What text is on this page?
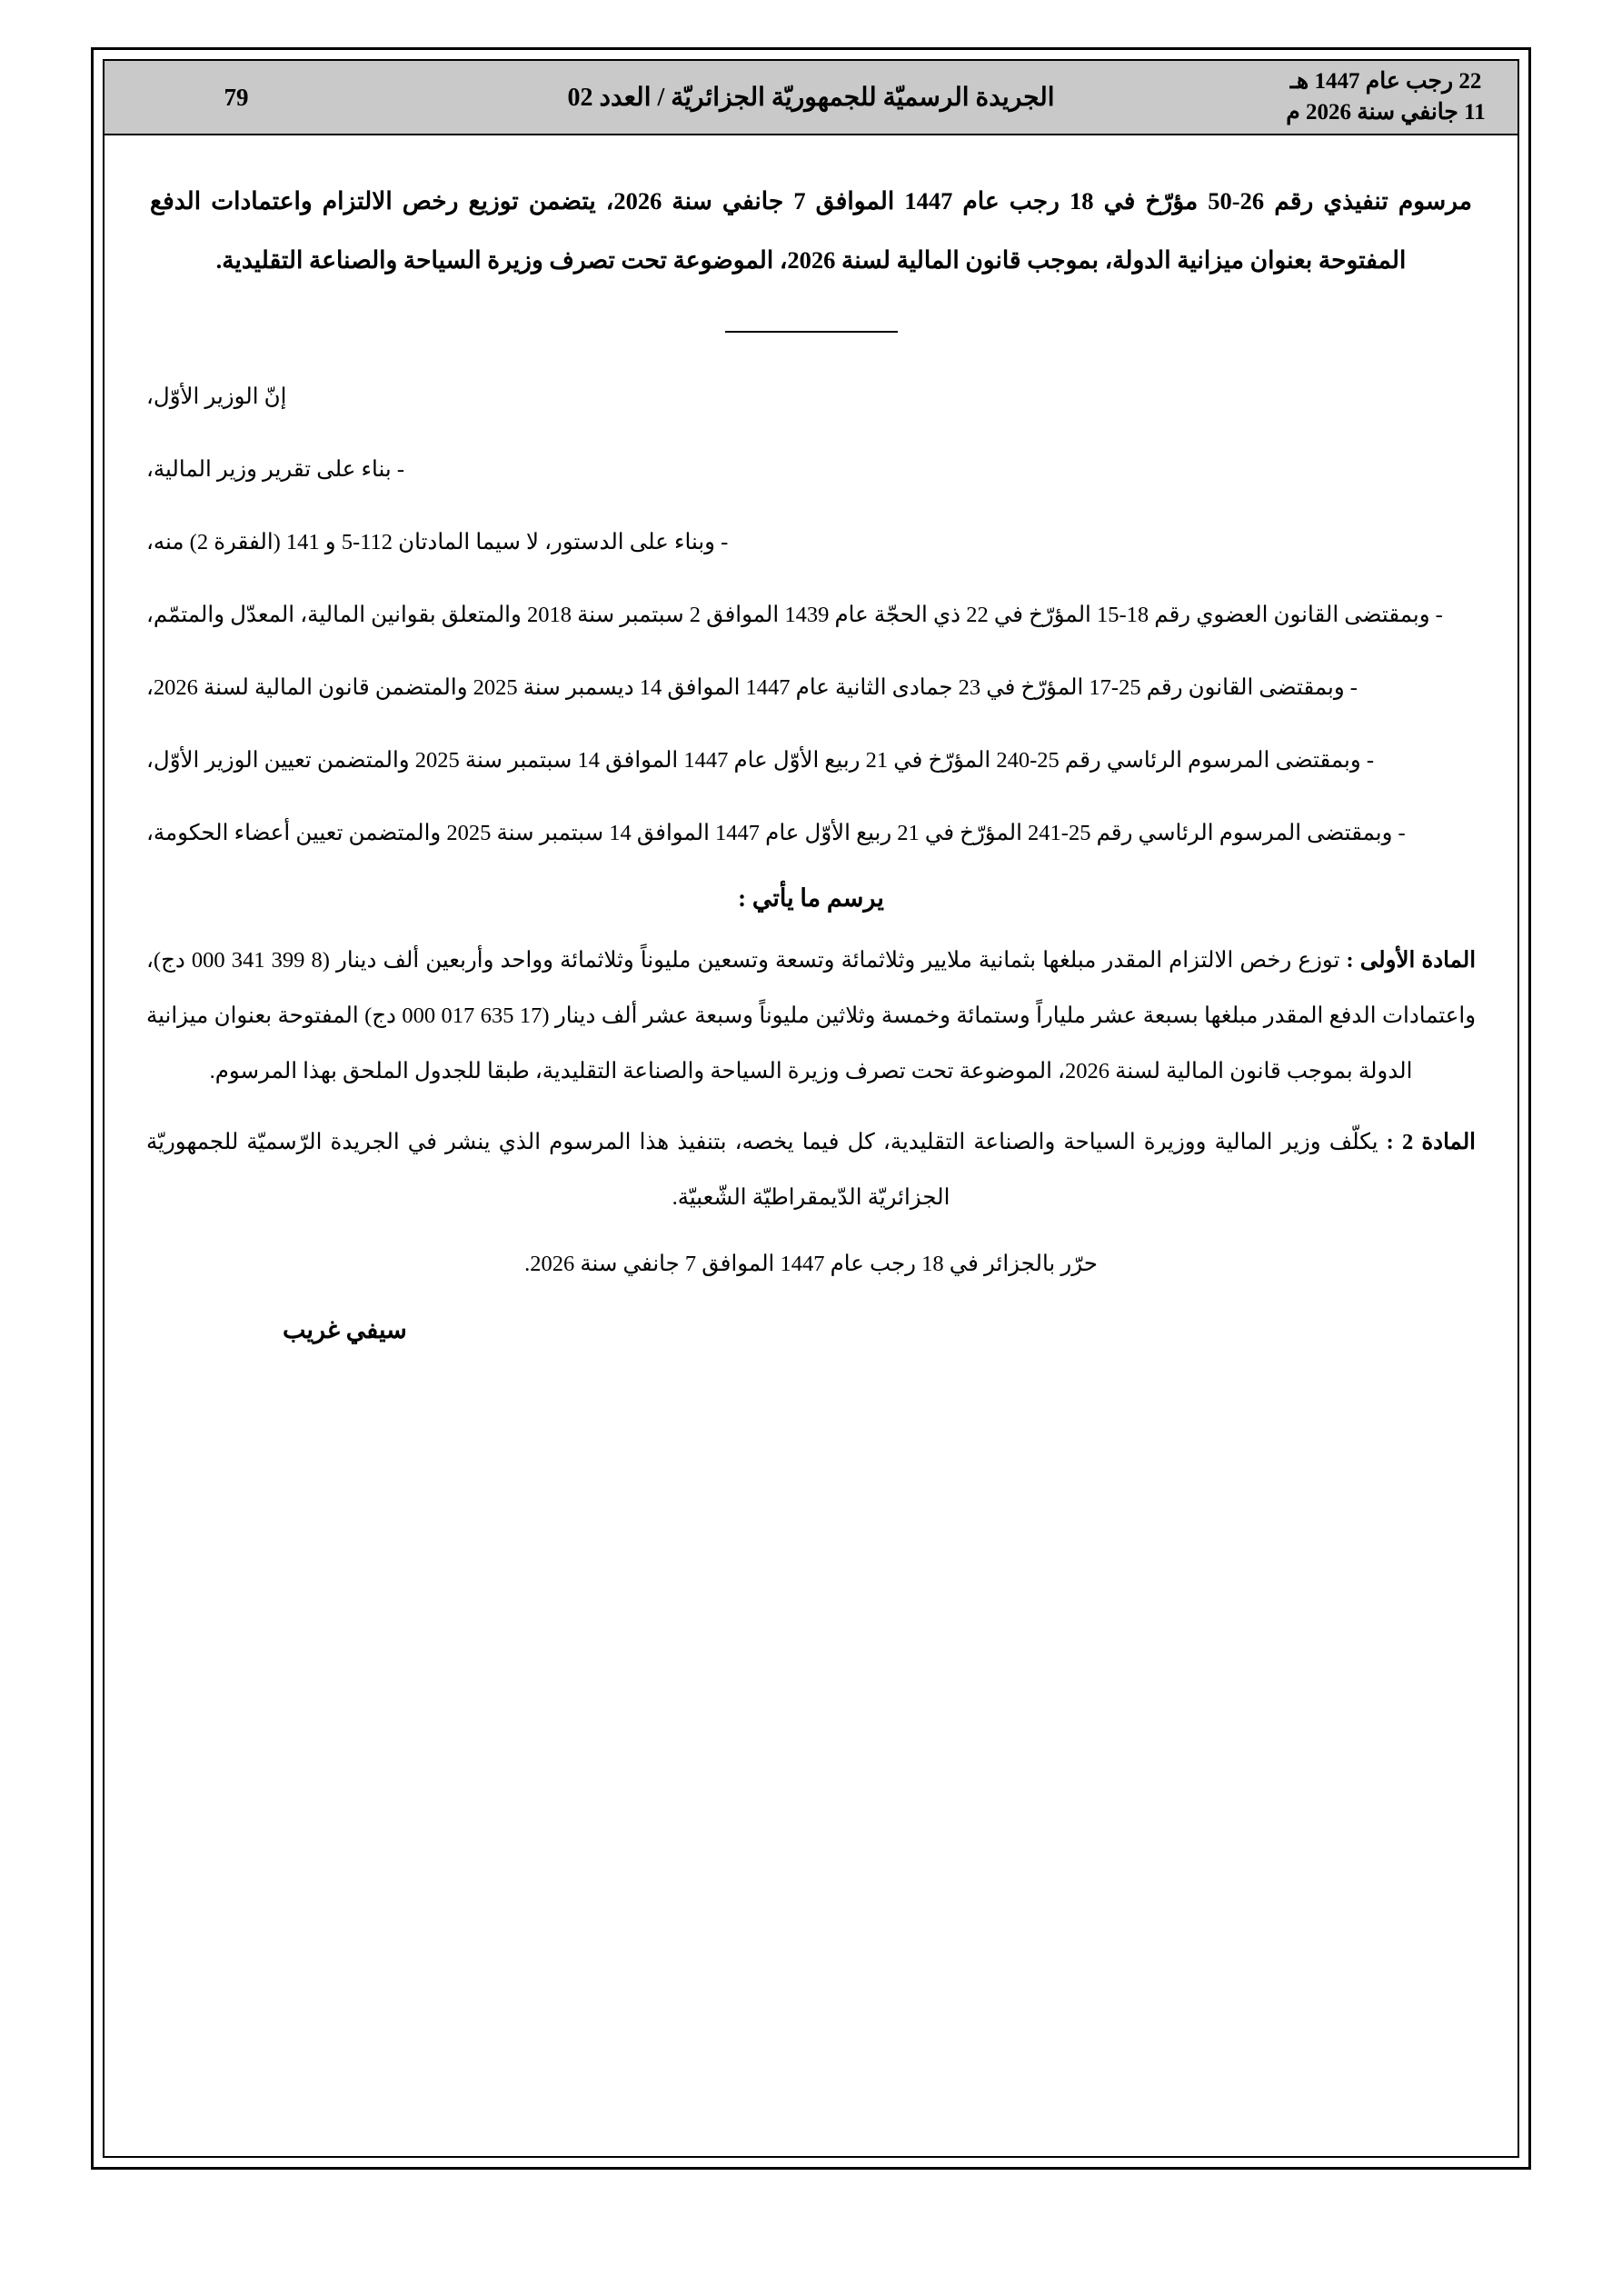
22 رجب عام 1447 هـ
11 جانفي سنة 2026 م
الجريدة الرسميّة للجمهوريّة الجزائريّة / العدد 02
79
مرسوم تنفيذي رقم 26-50 مؤرّخ في 18 رجب عام 1447 الموافق 7 جانفي سنة 2026، يتضمن توزيع رخص الالتزام واعتمادات الدفع المفتوحة بعنوان ميزانية الدولة، بموجب قانون المالية لسنة 2026، الموضوعة تحت تصرف وزيرة السياحة والصناعة التقليدية.

إنّ الوزير الأوّل،

- بناء على تقرير وزير المالية،

- وبناء على الدستور، لا سيما المادتان 112-5 و 141 (الفقرة 2) منه،

- وبمقتضى القانون العضوي رقم 18-15 المؤرّخ في 22 ذي الحجّة عام 1439 الموافق 2 سبتمبر سنة 2018 والمتعلق بقوانين المالية، المعدّل والمتمّم،

- وبمقتضى القانون رقم 25-17 المؤرّخ في 23 جمادى الثانية عام 1447 الموافق 14 ديسمبر سنة 2025 والمتضمن قانون المالية لسنة 2026،

- وبمقتضى المرسوم الرئاسي رقم 25-240 المؤرّخ في 21 ربيع الأوّل عام 1447 الموافق 14 سبتمبر سنة 2025 والمتضمن تعيين الوزير الأوّل،

- وبمقتضى المرسوم الرئاسي رقم 25-241 المؤرّخ في 21 ربيع الأوّل عام 1447 الموافق 14 سبتمبر سنة 2025 والمتضمن تعيين أعضاء الحكومة،

يرسم ما يأتي :

المادة الأولى : توزع رخص الالتزام المقدر مبلغها بثمانية ملايير وثلاثمائة وتسعة وتسعين مليوناً وثلاثمائة وواحد وأربعين ألف دينار (8 399 341 000 دج)، واعتمادات الدفع المقدر مبلغها بسبعة عشر ملياراً وستمائة وخمسة وثلاثين مليوناً وسبعة عشر ألف دينار (17 635 017 000 دج) المفتوحة بعنوان ميزانية الدولة بموجب قانون المالية لسنة 2026، الموضوعة تحت تصرف وزيرة السياحة والصناعة التقليدية، طبقا للجدول الملحق بهذا المرسوم.

المادة 2 : يكلّف وزير المالية ووزيرة السياحة والصناعة التقليدية، كل فيما يخصه، بتنفيذ هذا المرسوم الذي ينشر في الجريدة الرّسميّة للجمهوريّة الجزائريّة الدّيمقراطيّة الشّعبيّة.

حرّر بالجزائر في 18 رجب عام 1447 الموافق 7 جانفي سنة 2026.

سيفي غريب
